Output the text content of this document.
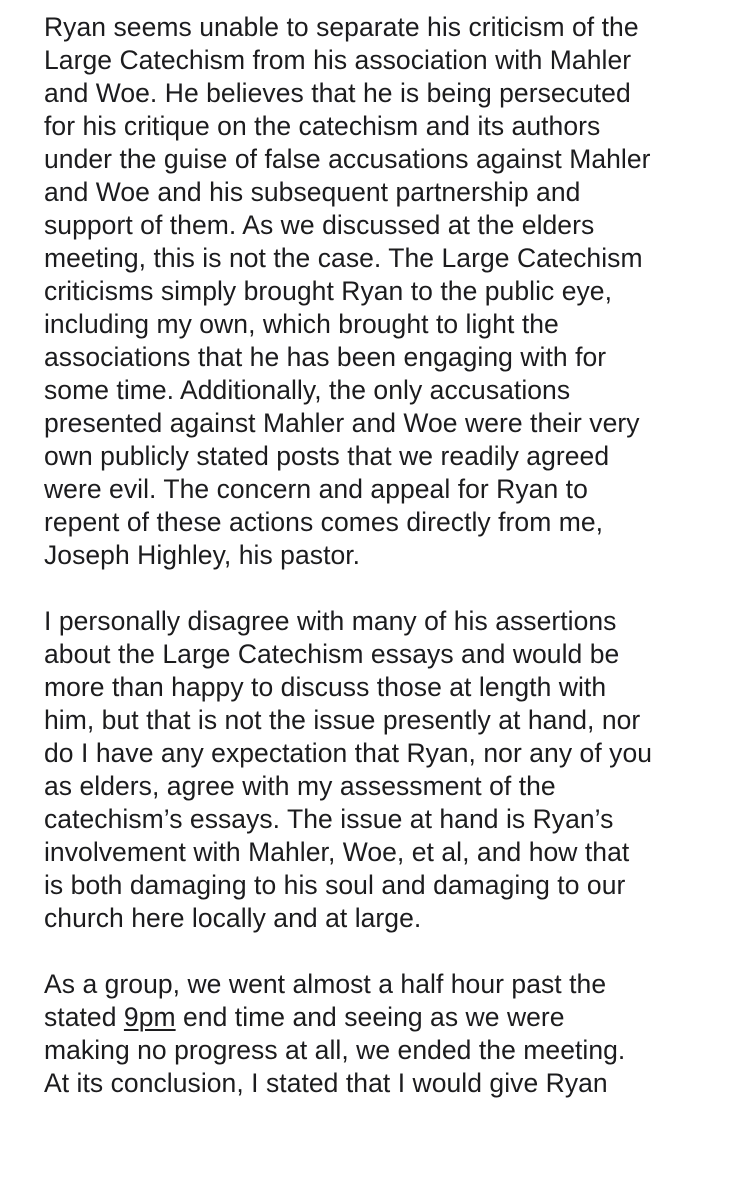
Ryan seems unable to separate his criticism of the

Large Catechism from his association with Mahler

and Woe. He believes that he is being persecuted

for his critique on the catechism and its authors

under the guise of false accusations against Mahler

and Woe and his subsequent partnership and

support of them. As we discussed at the elders

meeting, this is not the case. The Large Catechism

criticisms simply brought Ryan to the public eye,

including my own, which brought to light the

associations that he has been engaging with for

some time. Additionally, the only accusations

presented against Mahler and Woe were their very

own publicly stated posts that we readily agreed

were evil. The concern and appeal for Ryan to

repent of these actions comes directly from me,

Joseph Highley, his pastor.

I personally disagree with many of his assertions

about the Large Catechism essays and would be

more than happy to discuss those at length with

him, but that is not the issue presently at hand, nor

do I have any expectation that Ryan, nor any of you

as elders, agree with my assessment of the

catechism’s essays. The issue at hand is Ryan’s

involvement with Mahler, Woe, et al, and how that

is both damaging to his soul and damaging to our

church here locally and at large.

As a group, we went almost a half hour past the

stated 9pm end time and seeing as we were

making no progress at all, we ended the meeting.

At its conclusion, I stated that I would give Ryan
